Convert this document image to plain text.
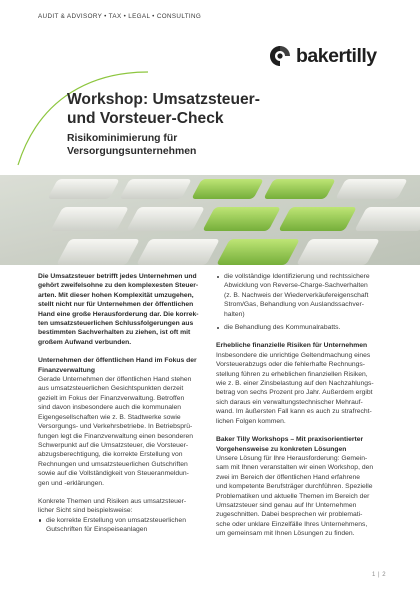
AUDIT & ADVISORY • TAX • LEGAL • CONSULTING
bakertilly
Workshop: Umsatzsteuer-
und Vorsteuer-Check
Risikominimierung für
Versorgungsunternehmen

Die Umsatzsteuer betrifft jedes Unternehmen und
gehört zweifelsohne zu den komplexesten Steuer-
arten. Mit dieser hohen Komplexität umzugehen,
stellt nicht nur für Unternehmen der öffentlichen
Hand eine große Herausforderung dar. Die korrek-
ten umsatzsteuerlichen Schlussfolgerungen aus
bestimmten Sachverhalten zu ziehen, ist oft mit
großem Aufwand verbunden.

Unternehmen der öffentlichen Hand im Fokus der
Finanzverwaltung

Gerade Unternehmen der öffentlichen Hand stehen
aus umsatzsteuerlichen Gesichtspunkten derzeit
gezielt im Fokus der Finanzverwaltung. Betroffen
sind davon insbesondere auch die kommunalen
Eigengesellschaften wie z. B. Stadtwerke sowie
Versorgungs- und Verkehrsbetriebe. In Betriebsprü-
fungen legt die Finanzverwaltung einen besonderen
Schwerpunkt auf die Umsatzsteuer, die Vorsteuer-
abzugsberechtigung, die korrekte Erstellung von
Rechnungen und umsatzsteuerlichen Gutschriften
sowie auf die Vollständigkeit von Steueranmeldun-
gen und -erklärungen.

Konkrete Themen und Risiken aus umsatzsteuer-
licher Sicht sind beispielsweise:

die korrekte Erstellung von umsatzsteuerlichen
Gutschriften für Einspeiseanlagen
die vollständige Identifizierung und rechtssichere
Abwicklung von Reverse-Charge-Sachverhalten
(z. B. Nachweis der Wiederverkäufereigenschaft
Strom/Gas, Behandlung von Auslandssachver-
halten)
die Behandlung des Kommunalrabatts.

Erhebliche finanzielle Risiken für Unternehmen

Insbesondere die unrichtige Geltendmachung eines
Vorsteuerabzugs oder die fehlerhafte Rechnungs-
stellung führen zu erheblichen finanziellen Risiken,
wie z. B. einer Zinsbelastung auf den Nachzahlungs-
betrag von sechs Prozent pro Jahr. Außerdem ergibt
sich daraus ein verwaltungstechnischer Mehrauf-
wand. Im äußersten Fall kann es auch zu strafrecht-
lichen Folgen kommen.

Baker Tilly Workshops – Mit praxisorientierter
Vorgehensweise zu konkreten Lösungen

Unsere Lösung für Ihre Herausforderung: Gemein-
sam mit Ihnen veranstalten wir einen Workshop, den
zwei im Bereich der öffentlichen Hand erfahrene
und kompetente Berufsträger durchführen. Spezielle
Problematiken und aktuelle Themen im Bereich der
Umsatzsteuer sind genau auf Ihr Unternehmen
zugeschnitten. Dabei besprechen wir problemati-
sche oder unklare Einzelfälle Ihres Unternehmens,
um gemeinsam mit Ihnen Lösungen zu finden.

1 | 2
